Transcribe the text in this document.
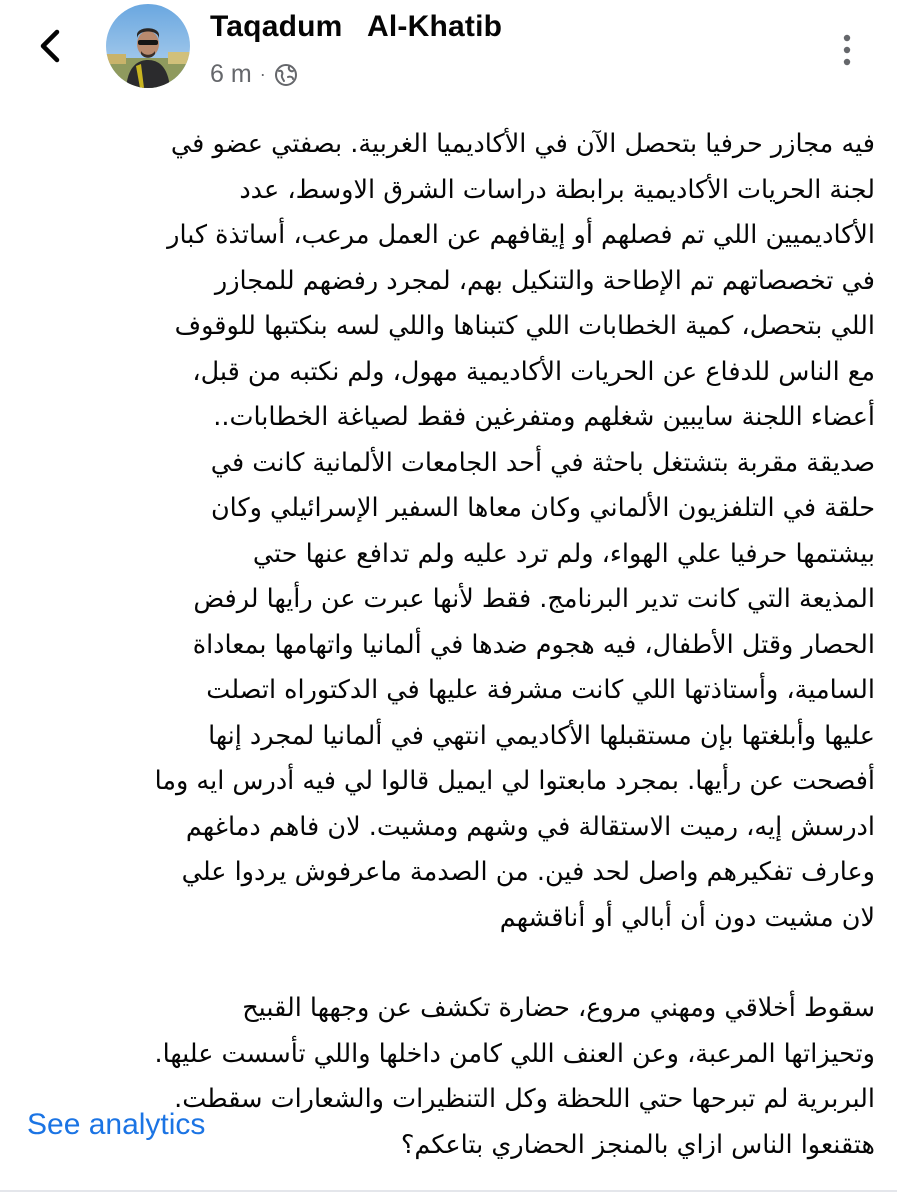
Taqadum   Al-Khatib
6 m ·

فيه مجازر حرفيا بتحصل الآن في الأكاديميا الغربية. بصفتي عضو في
لجنة الحريات الأكاديمية برابطة دراسات الشرق الاوسط، عدد
الأكاديميين اللي تم فصلهم أو إيقافهم عن العمل مرعب، أساتذة كبار
في تخصصاتهم تم الإطاحة والتنكيل بهم، لمجرد رفضهم للمجازر
اللي بتحصل، كمية الخطابات اللي كتبناها واللي لسه بنكتبها للوقوف
مع الناس للدفاع عن الحريات الأكاديمية مهول، ولم نكتبه من قبل،
أعضاء اللجنة سايبين شغلهم ومتفرغين فقط لصياغة الخطابات..
صديقة مقربة بتشتغل باحثة في أحد الجامعات الألمانية كانت في
حلقة في التلفزيون الألماني وكان معاها السفير الإسرائيلي وكان
بيشتمها حرفيا علي الهواء، ولم ترد عليه ولم تدافع عنها حتي
المذيعة التي كانت تدير البرنامج. فقط لأنها عبرت عن رأيها لرفض
الحصار وقتل الأطفال، فيه هجوم ضدها في ألمانيا واتهامها بمعاداة
السامية، وأستاذتها اللي كانت مشرفة عليها في الدكتوراه اتصلت
عليها وأبلغتها بإن مستقبلها الأكاديمي انتهي في ألمانيا لمجرد إنها
أفصحت عن رأيها. بمجرد مابعتوا لي ايميل قالوا لي فيه أدرس ايه وما
ادرسش إيه، رميت الاستقالة في وشهم ومشيت. لان فاهم دماغهم
وعارف تفكيرهم واصل لحد فين. من الصدمة ماعرفوش يردوا علي
لان مشيت دون أن أبالي أو أناقشهم

سقوط أخلاقي ومهني مروع، حضارة تكشف عن وجهها القبيح
وتحيزاتها المرعبة، وعن العنف اللي كامن داخلها واللي تأسست عليها.
البربرية لم تبرحها حتي اللحظة وكل التنظيرات والشعارات سقطت.
هتقنعوا الناس ازاي بالمنجز الحضاري بتاعكم؟

See analytics
